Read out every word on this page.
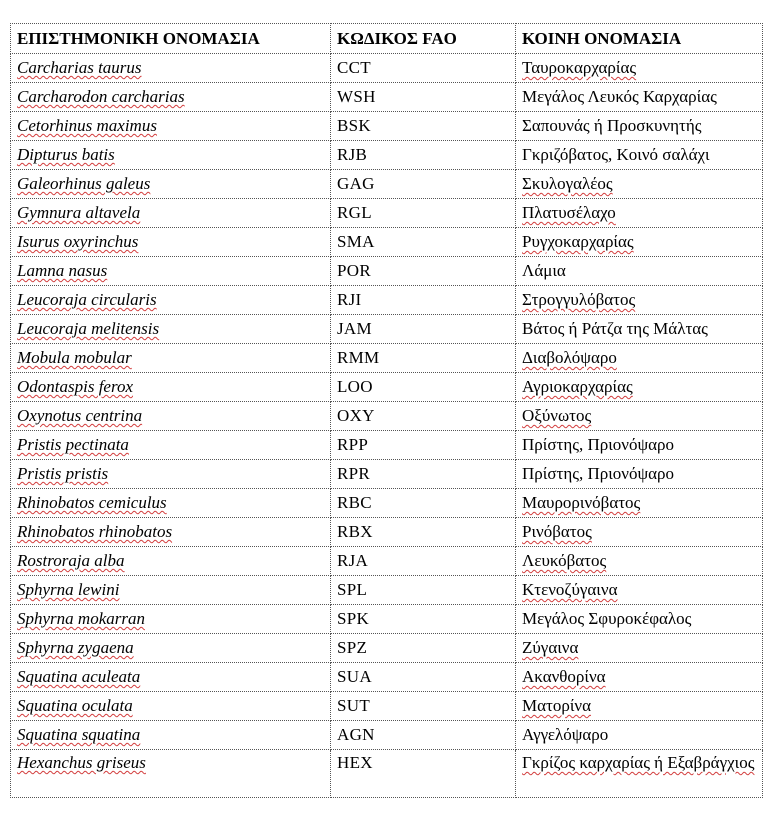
ΕΠΙΣΤΗΜΟΝΙΚΗ ΟΝΟΜΑΣΙΑ	ΚΩΔΙΚΟΣ FAO	ΚΟΙΝΗ ΟΝΟΜΑΣΙΑ
Carcharias taurus	CCT	Ταυροκαρχαρίας
Carcharodon carcharias	WSH	Μεγάλος Λευκός Καρχαρίας
Cetorhinus maximus	BSK	Σαπουνάς ή Προσκυνητής
Dipturus batis	RJB	Γκριζόβατος, Κοινό σαλάχι
Galeorhinus galeus	GAG	Σκυλογαλέος
Gymnura altavela	RGL	Πλατυσέλαχο
Isurus oxyrinchus	SMA	Ρυγχοκαρχαρίας
Lamna nasus	POR	Λάμια
Leucoraja circularis	RJI	Στρογγυλόβατος
Leucoraja melitensis	JAM	Βάτος ή Ράτζα της Μάλτας
Mobula mobular	RMM	Διαβολόψαρο
Odontaspis ferox	LOO	Αγριοκαρχαρίας
Oxynotus centrina	OXY	Οξύνωτος
Pristis pectinata	RPP	Πρίστης, Πριονόψαρο
Pristis pristis	RPR	Πρίστης, Πριονόψαρο
Rhinobatos cemiculus	RBC	Μαυρορινόβατος
Rhinobatos rhinobatos	RBX	Ρινόβατος
Rostroraja alba	RJA	Λευκόβατος
Sphyrna lewini	SPL	Κτενοζύγαινα
Sphyrna mokarran	SPK	Μεγάλος Σφυροκέφαλος
Sphyrna zygaena	SPZ	Ζύγαινα
Squatina aculeata	SUA	Ακανθορίνα
Squatina oculata	SUT	Ματορίνα
Squatina squatina	AGN	Αγγελόψαρο
Hexanchus griseus	HEX	Γκρίζος καρχαρίας ή Εξαβράγχιος
